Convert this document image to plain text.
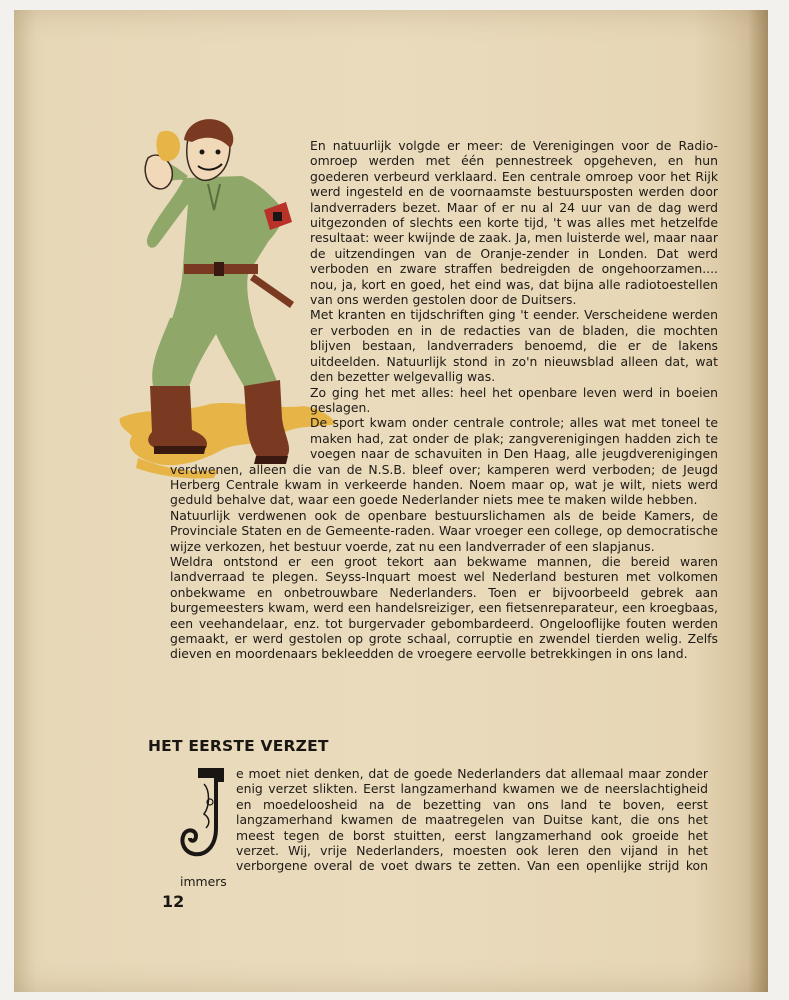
En natuurlijk volgde er meer: de Verenigingen voor de Radio-omroep werden met één pennestreek opgeheven, en hun goederen verbeurd verklaard. Een centrale omroep voor het Rijk werd ingesteld en de voornaamste bestuursposten werden door landverraders bezet. Maar of er nu al 24 uur van de dag werd uitgezonden of slechts een korte tijd, 't was alles met hetzelfde resultaat: weer kwijnde de zaak. Ja, men luisterde wel, maar naar de uitzendingen van de Oranje-zender in Londen. Dat werd verboden en zware straffen bedreigden de ongehoorzamen.... nou, ja, kort en goed, het eind was, dat bijna alle radiotoestellen van ons werden gestolen door de Duitsers.

Met kranten en tijdschriften ging 't eender. Verscheidene werden er verboden en in de redacties van de bladen, die mochten blijven bestaan, landverraders benoemd, die er de lakens uitdeelden. Natuurlijk stond in zo'n nieuwsblad alleen dat, wat den bezetter welgevallig was.

Zo ging het met alles: heel het openbare leven werd in boeien geslagen.

De sport kwam onder centrale controle; alles wat met toneel te maken had, zat onder de plak; zangverenigingen hadden zich te voegen naar de schavuiten in Den Haag, alle jeugdverenigingen verdwenen, alleen die van de N.S.B. bleef over; kamperen werd verboden; de Jeugd Herberg Centrale kwam in verkeerde handen. Noem maar op, wat je wilt, niets werd geduld behalve dat, waar een goede Nederlander niets mee te maken wilde hebben.

Natuurlijk verdwenen ook de openbare bestuurslichamen als de beide Kamers, de Provinciale Staten en de Gemeente-raden. Waar vroeger een college, op democratische wijze verkozen, het bestuur voerde, zat nu een landverrader of een slapjanus.

Weldra ontstond er een groot tekort aan bekwame mannen, die bereid waren landverraad te plegen. Seyss-Inquart moest wel Nederland besturen met volkomen onbekwame en onbetrouwbare Nederlanders. Toen er bijvoorbeeld gebrek aan burgemeesters kwam, werd een handelsreiziger, een fietsenreparateur, een kroegbaas, een veehandelaar, enz. tot burgervader gebombardeerd. Ongelooflijke fouten werden gemaakt, er werd gestolen op grote schaal, corruptie en zwendel tierden welig. Zelfs dieven en moordenaars bekleedden de vroegere eervolle betrekkingen in ons land.

HET EERSTE VERZET
e moet niet denken, dat de goede Nederlanders dat allemaal maar zonder enig verzet slikten. Eerst langzamerhand kwamen we de neerslachtigheid en moedeloosheid na de bezetting van ons land te boven, eerst langzamerhand kwamen de maatregelen van Duitse kant, die ons het meest tegen de borst stuitten, eerst langzamerhand ook groeide het verzet. Wij, vrije Nederlanders, moesten ook leren den vijand in het verborgene overal de voet dwars te zetten. Van een openlijke strijd kon immers
12
